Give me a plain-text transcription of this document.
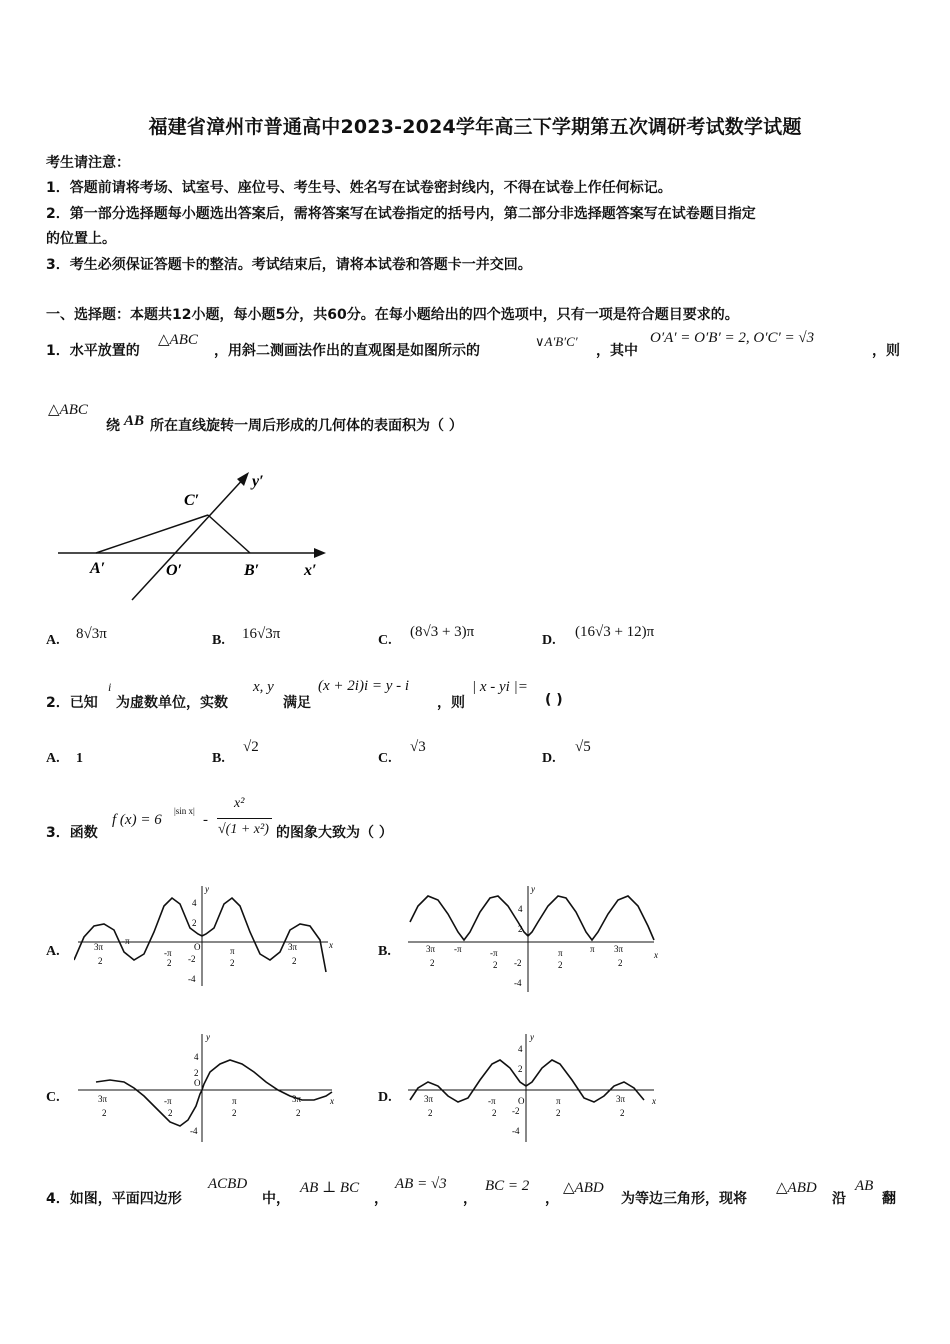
福建省漳州市普通高中2023-2024学年高三下学期第五次调研考试数学试题
考生请注意：
1．答题前请将考场、试室号、座位号、考生号、姓名写在试卷密封线内，不得在试卷上作任何标记。
2．第一部分选择题每小题选出答案后，需将答案写在试卷指定的括号内，第二部分非选择题答案写在试卷题目指定
的位置上。
3．考生必须保证答题卡的整洁。考试结束后，请将本试卷和答题卡一并交回。
一、选择题：本题共12小题，每小题5分，共60分。在每小题给出的四个选项中，只有一项是符合题目要求的。
1．水平放置的
△ABC
，用斜二测画法作出的直观图是如图所示的
∨A′B′C′
，其中
O′A′ = O′B′ = 2, O′C′ = √3
，则
△ABC
绕 AB 所在直线旋转一周后形成的几何体的表面积为（ ）
C′
y′
A′	O′	B′	x′
A. 8√3π	B. 16√3π	C.
(8√3 + 3)π
D.
(16√3 + 12)π
2．已知
i
为虚数单位，实数
x, y
满足
(x + 2i)i = y - i
，则
| x - yi |=
( )
A. 1	B.
√2
C.
√3
D.
√5
3．函数
f (x) = 6
|sin x|
-
x²
√(1 + x²) 的图象大致为（ ）
A.	x
y
3π
2
-π
-π
2
O	π
2
3π
2
4
2
-2
-4
B.	x
y
3π
2
-π	-π
2
π
2
π 3π
2
4
2
-2
-4
C.	x
y
3π
2
-π
2
O
π
2
3π
2
4
2
-4
D.	x
y
3π
2
-π
2
O	π
2
3π
2
4
2
-2
-4
4．如图，平面四边形
ACBD
中，
AB ⊥ BC
，
AB = √3
，
BC = 2
，
△ABD
为等边三角形，现将
△ABD
沿
AB
翻
